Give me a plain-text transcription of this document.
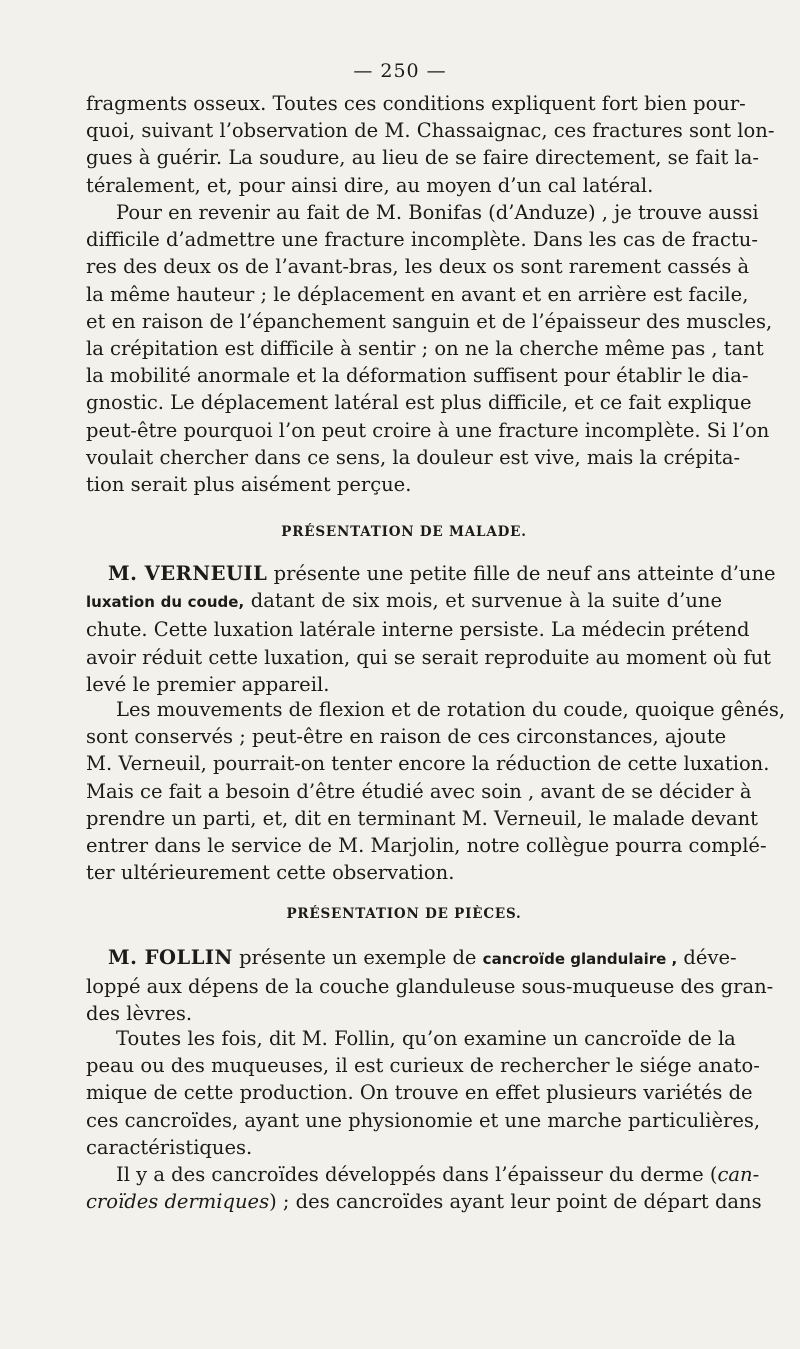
— 250 —
fragments osseux. Toutes ces conditions expliquent fort bien pour-
quoi, suivant l’observation de M. Chassaignac, ces fractures sont lon-
gues à guérir. La soudure, au lieu de se faire directement, se fait la-
téralement, et, pour ainsi dire, au moyen d’un cal latéral.
Pour en revenir au fait de M. Bonifas (d’Anduze) , je trouve aussi
difficile d’admettre une fracture incomplète. Dans les cas de fractu-
res des deux os de l’avant-bras, les deux os sont rarement cassés à
la même hauteur ; le déplacement en avant et en arrière est facile,
et en raison de l’épanchement sanguin et de l’épaisseur des muscles,
la crépitation est difficile à sentir ; on ne la cherche même pas , tant
la mobilité anormale et la déformation suffisent pour établir le dia-
gnostic. Le déplacement latéral est plus difficile, et ce fait explique
peut-être pourquoi l’on peut croire à une fracture incomplète. Si l’on
voulait chercher dans ce sens, la douleur est vive, mais la crépita-
tion serait plus aisément perçue.
PRÉSENTATION DE MALADE.
M. VERNEUIL présente une petite fille de neuf ans atteinte d’une
luxation du coude, datant de six mois, et survenue à la suite d’une
chute. Cette luxation latérale interne persiste. La médecin prétend
avoir réduit cette luxation, qui se serait reproduite au moment où fut
levé le premier appareil.
Les mouvements de flexion et de rotation du coude, quoique gênés,
sont conservés ; peut-être en raison de ces circonstances, ajoute
M. Verneuil, pourrait-on tenter encore la réduction de cette luxation.
Mais ce fait a besoin d’être étudié avec soin , avant de se décider à
prendre un parti, et, dit en terminant M. Verneuil, le malade devant
entrer dans le service de M. Marjolin, notre collègue pourra complé-
ter ultérieurement cette observation.
PRÉSENTATION DE PIÈCES.
M. FOLLIN présente un exemple de cancroïde glandulaire , déve-
loppé aux dépens de la couche glanduleuse sous-muqueuse des gran-
des lèvres.
Toutes les fois, dit M. Follin, qu’on examine un cancroïde de la
peau ou des muqueuses, il est curieux de rechercher le siége anato-
mique de cette production. On trouve en effet plusieurs variétés de
ces cancroïdes, ayant une physionomie et une marche particulières,
caractéristiques.
Il y a des cancroïdes développés dans l’épaisseur du derme (can-
croïdes dermiques) ; des cancroïdes ayant leur point de départ dans
